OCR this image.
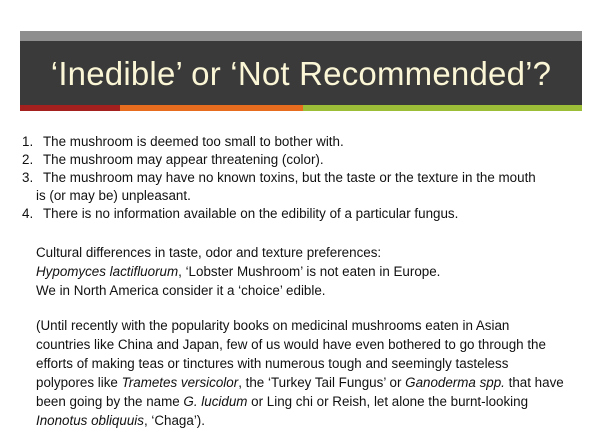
‘Inedible’ or ‘Not Recommended’?
1. The mushroom is deemed too small to bother with.
2. The mushroom may appear threatening (color).
3. The mushroom may have no known toxins, but the taste or the texture in the mouth
is (or may be) unpleasant.
4. There is no information available on the edibility of a particular fungus.
Cultural differences in taste, odor and texture preferences:
Hypomyces lactifluorum, ‘Lobster Mushroom’ is not eaten in Europe.
We in North America consider it a ‘choice’ edible.
(Until recently with the popularity books on medicinal mushrooms eaten in Asian
countries like China and Japan, few of us would have even bothered to go through the
efforts of making teas or tinctures with numerous tough and seemingly tasteless
polypores like Trametes versicolor, the ‘Turkey Tail Fungus’ or Ganoderma spp. that have
been going by the name G. lucidum or Ling chi or Reish, let alone the burnt-looking
Inonotus obliquuis, ‘Chaga’).
